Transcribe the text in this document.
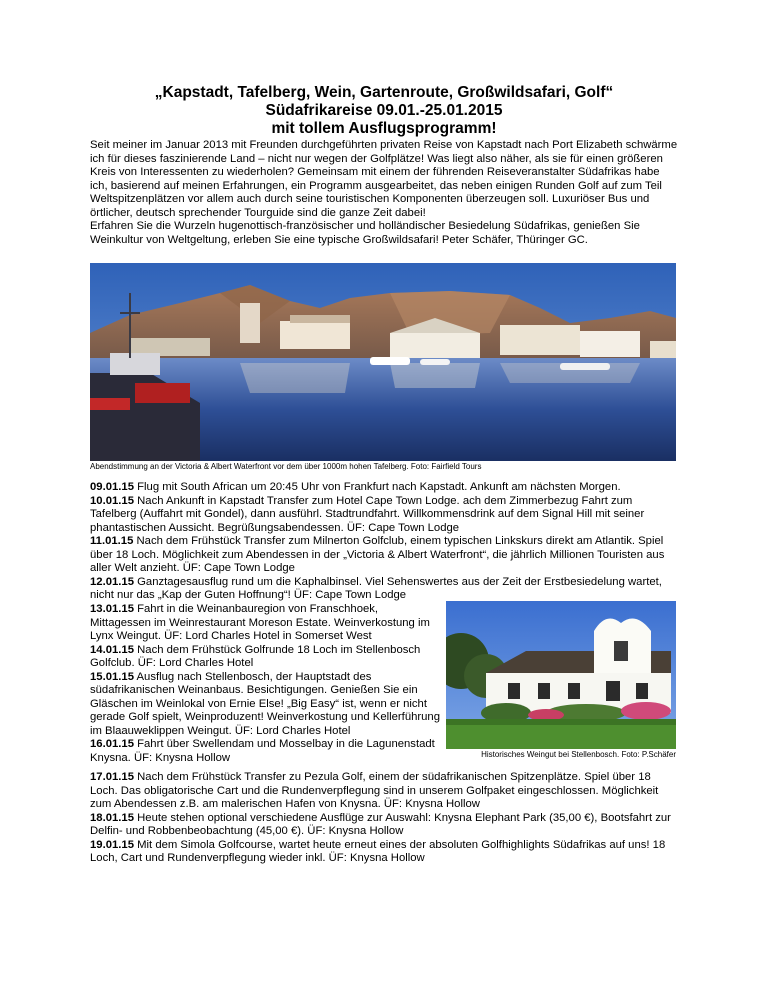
„Kapstadt, Tafelberg, Wein, Gartenroute, Großwildsafari, Golf“
Südafrikareise 09.01.-25.01.2015
mit tollem Ausflugsprogramm!

Seit meiner im Januar 2013 mit Freunden durchgeführten privaten Reise von Kapstadt nach Port Elizabeth schwärme ich für dieses faszinierende Land – nicht nur wegen der Golfplätze! Was liegt also näher, als sie für einen größeren Kreis von Interessenten zu wiederholen? Gemeinsam mit einem der führenden Reiseveranstalter Südafrikas habe ich, basierend auf meinen Erfahrungen, ein Programm ausgearbeitet, das neben einigen Runden Golf auf zum Teil Weltspitzenplätzen vor allem auch durch seine touristischen Komponenten überzeugen soll. Luxuriöser Bus und örtlicher, deutsch sprechender Tourguide sind die ganze Zeit dabei!

Erfahren Sie die Wurzeln hugenottisch-französischer und holländischer Besiedelung Südafrikas, genießen Sie Weinkultur von Weltgeltung, erleben Sie eine typische Großwildsafari! Peter Schäfer, Thüringer GC.

Abendstimmung an der Victoria & Albert Waterfront vor dem über 1000m hohen Tafelberg. Foto: Fairfield Tours

09.01.15 Flug mit South African um 20:45 Uhr von Frankfurt nach Kapstadt. Ankunft am nächsten Morgen.

10.01.15 Nach Ankunft in Kapstadt Transfer zum Hotel Cape Town Lodge. ach dem Zimmerbezug Fahrt zum Tafelberg (Auffahrt mit Gondel), dann ausführl. Stadtrundfahrt. Willkommensdrink auf dem Signal Hill mit seiner phantastischen Aussicht. Begrüßungsabendessen. ÜF: Cape Town Lodge

11.01.15 Nach dem Frühstück Transfer zum Milnerton Golfclub, einem typischen Linkskurs direkt am Atlantik. Spiel über 18 Loch. Möglichkeit zum Abendessen in der „Victoria & Albert Waterfront“, die jährlich Millionen Touristen aus aller Welt anzieht. ÜF: Cape Town Lodge

12.01.15 Ganztagesausflug rund um die Kaphalbinsel. Viel Sehenswertes aus der Zeit der Erstbesiedelung wartet, nicht nur das „Kap der Guten Hoffnung“! ÜF: Cape Town Lodge

13.01.15 Fahrt in die Weinanbauregion von Franschhoek, Mittagessen im Weinrestaurant Moreson Estate. Weinverkostung im Lynx Weingut. ÜF: Lord Charles Hotel in Somerset West

14.01.15 Nach dem Frühstück Golfrunde 18 Loch im Stellenbosch Golfclub. ÜF: Lord Charles Hotel

15.01.15 Ausflug nach Stellenbosch, der Hauptstadt des südafrikanischen Weinanbaus. Besichtigungen. Genießen Sie ein Gläschen im Weinlokal von Ernie Else! „Big Easy“ ist, wenn er nicht gerade Golf spielt, Weinproduzent! Weinverkostung und Kellerführung im Blaauweklippen Weingut. ÜF: Lord Charles Hotel

16.01.15 Fahrt über Swellendam und Mosselbay in die Lagunenstadt Knysna. ÜF: Knysna Hollow	Historisches Weingut bei Stellenbosch. Foto: P.Schäfer

17.01.15 Nach dem Frühstück Transfer zu Pezula Golf, einem der südafrikanischen Spitzenplätze. Spiel über 18 Loch. Das obligatorische Cart und die Rundenverpflegung sind in unserem Golfpaket eingeschlossen. Möglichkeit zum Abendessen z.B. am malerischen Hafen von Knysna. ÜF: Knysna Hollow

18.01.15 Heute stehen optional verschiedene Ausflüge zur Auswahl: Knysna Elephant Park (35,00 €), Bootsfahrt zur Delfin- und Robbenbeobachtung (45,00 €). ÜF: Knysna Hollow

19.01.15 Mit dem Simola Golfcourse, wartet heute erneut eines der absoluten Golfhighlights Südafrikas auf uns! 18 Loch, Cart und Rundenverpflegung wieder inkl. ÜF: Knysna Hollow
